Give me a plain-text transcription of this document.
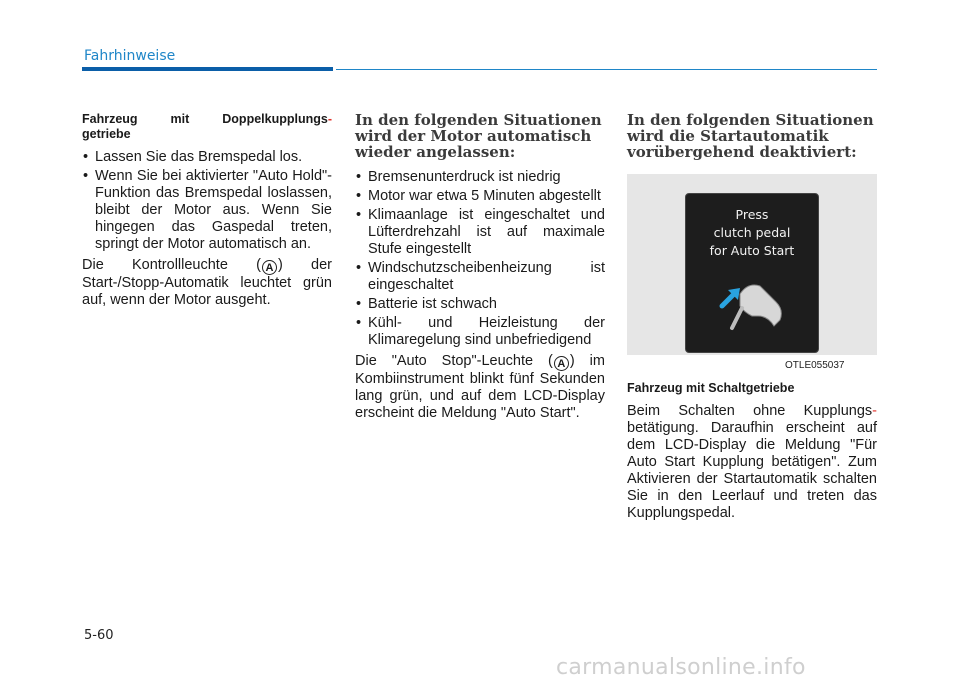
Fahrhinweise
Fahrzeug mit Doppelkupplungs-
getriebe
• Lassen Sie das Bremspedal los.
• Wenn Sie bei aktivierter "Auto Hold"-Funktion das Bremspedal loslassen, bleibt der Motor aus. Wenn Sie hingegen das Gaspedal treten, springt der Motor automatisch an.

Die Kontrollleuchte ( A ) der Start-/Stopp-Automatik leuchtet grün auf, wenn der Motor ausgeht.

In den folgenden Situationen wird der Motor automatisch wieder angelassen:
• Bremsenunterdruck ist niedrig
• Motor war etwa 5 Minuten abgestellt
• Klimaanlage ist eingeschaltet und Lüfterdrehzahl ist auf maximale Stufe eingestellt
• Windschutzscheibenheizung ist eingeschaltet
• Batterie ist schwach
• Kühl- und Heizleistung der Klimaregelung sind unbefriedigend

Die "Auto Stop"-Leuchte ( A ) im Kombiinstrument blinkt fünf Sekunden lang grün, und auf dem LCD-Display erscheint die Meldung "Auto Start".

In den folgenden Situationen wird die Startautomatik vorübergehend deaktiviert:
Press
clutch pedal
for Auto Start
OTLE055037
Fahrzeug mit Schaltgetriebe

Beim Schalten ohne Kupplungs- betätigung. Daraufhin erscheint auf dem LCD-Display die Meldung "Für Auto Start Kupplung betätigen". Zum Aktivieren der Startautomatik schalten Sie in den Leerlauf und treten das Kupplungspedal.

5-60
carmanualsonline.info
